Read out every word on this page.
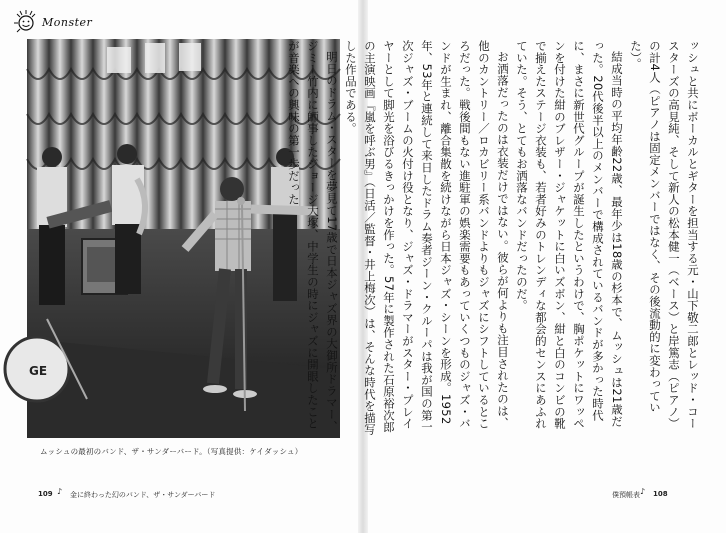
Monster
GE
ムッシュの最初のバンド、ザ・サンダーバード。（写真提供：ケイダッシュ）

ッシュと共にボーカルとギターを担当する元・山下敬二郎とレッド・コースターズの高見純、そして新人の松本健一（ベース）と岸篤志（ピアノ）の計4人（ピアノは固定メンバーではなく、その後流動的に変わっていた）。

結成当時の平均年齢22歳、最年少は18歳の杉本で、ムッシュは21歳だった。20代後半以上のメンバーで構成されているバンドが多かった時代に、まさに新世代グループが誕生したというわけで、胸ポケットにワッペンを付けた紺のブレザー・ジャケットに白いズボン、紺と白のコンビの靴で揃えたステージ衣装も、若者好みのトレンディな都会的センスにあふれていた。そう、とてもお洒落なバンドだったのだ。

お洒落だったのは衣装だけではない。彼らが何よりも注目されたのは、他のカントリー／ロカビリー系バンドよりもジャズにシフトしているところだった。戦後間もない進駐軍の娯楽需要もあっていくつものジャズ・バンドが生まれ、離合集散を続けながら日本ジャズ・シーンを形成。1952年、53年と連続して来日したドラム奏者ジーン・クルーパは我が国の第一次ジャズ・ブームの火付け役となり、ジャズ・ドラマーがスター・プレイヤーとして脚光を浴びるきっかけを作った。57年に製作された石原裕次郎の主演映画『嵐を呼ぶ男』（日活／監督・井上梅次）は、そんな時代を描写した作品である。

明日のドラム・スターを夢見て17歳で日本ジャズ界の大御所ドラマー、ジミー竹内に師事したジョージ大塚、中学生の時にジャズに開眼したことが音楽への興味の第一歩だった

109 ♪ 金に終わった幻のバンド、ザ・サンダーバード	僕預帳表 ♪ 108
